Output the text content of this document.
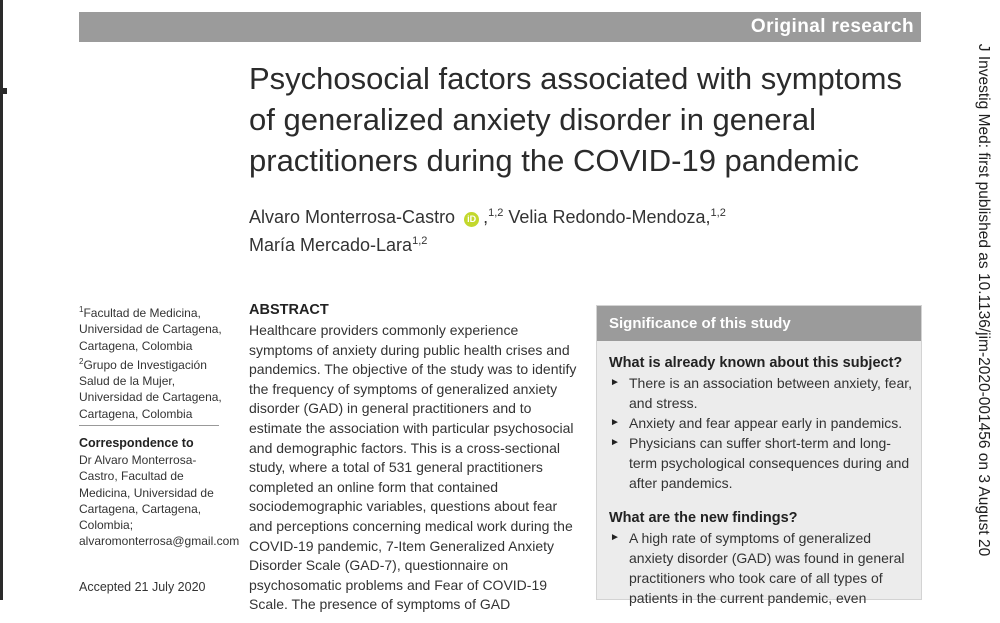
Original research
Psychosocial factors associated with symptoms of generalized anxiety disorder in general practitioners during the COVID-19 pandemic
Alvaro Monterrosa-Castro iD ,$^{1,2}$ Velia Redondo-Mendoza,$^{1,2}$
María Mercado-Lara$^{1,2}$
$^1$Facultad de Medicina, Universidad de Cartagena, Cartagena, Colombia
$^2$Grupo de Investigación Salud de la Mujer, Universidad de Cartagena, Cartagena, Colombia
Correspondence to
Dr Alvaro Monterrosa-Castro, Facultad de Medicina, Universidad de Cartagena, Cartagena, Colombia; alvaromonterrosa@gmail.com
Accepted 21 July 2020
ABSTRACT
Healthcare providers commonly experience symptoms of anxiety during public health crises and pandemics. The objective of the study was to identify the frequency of symptoms of generalized anxiety disorder (GAD) in general practitioners and to estimate the association with particular psychosocial and demographic factors. This is a cross-sectional study, where a total of 531 general practitioners completed an online form that contained sociodemographic variables, questions about fear and perceptions concerning medical work during the COVID-19 pandemic, 7-Item Generalized Anxiety Disorder Scale (GAD-7), questionnaire on psychosomatic problems and Fear of COVID-19 Scale. The presence of symptoms of GAD
Significance of this study
What is already known about this subject?
► There is an association between anxiety, fear, and stress.
► Anxiety and fear appear early in pandemics.
► Physicians can suffer short-term and long-term psychological consequences during and after pandemics.
What are the new findings?
► A high rate of symptoms of generalized anxiety disorder (GAD) was found in general practitioners who took care of all types of patients in the current pandemic, even
J Investig Med: first published as 10.1136/jim-2020-001456 on 3 August 20
